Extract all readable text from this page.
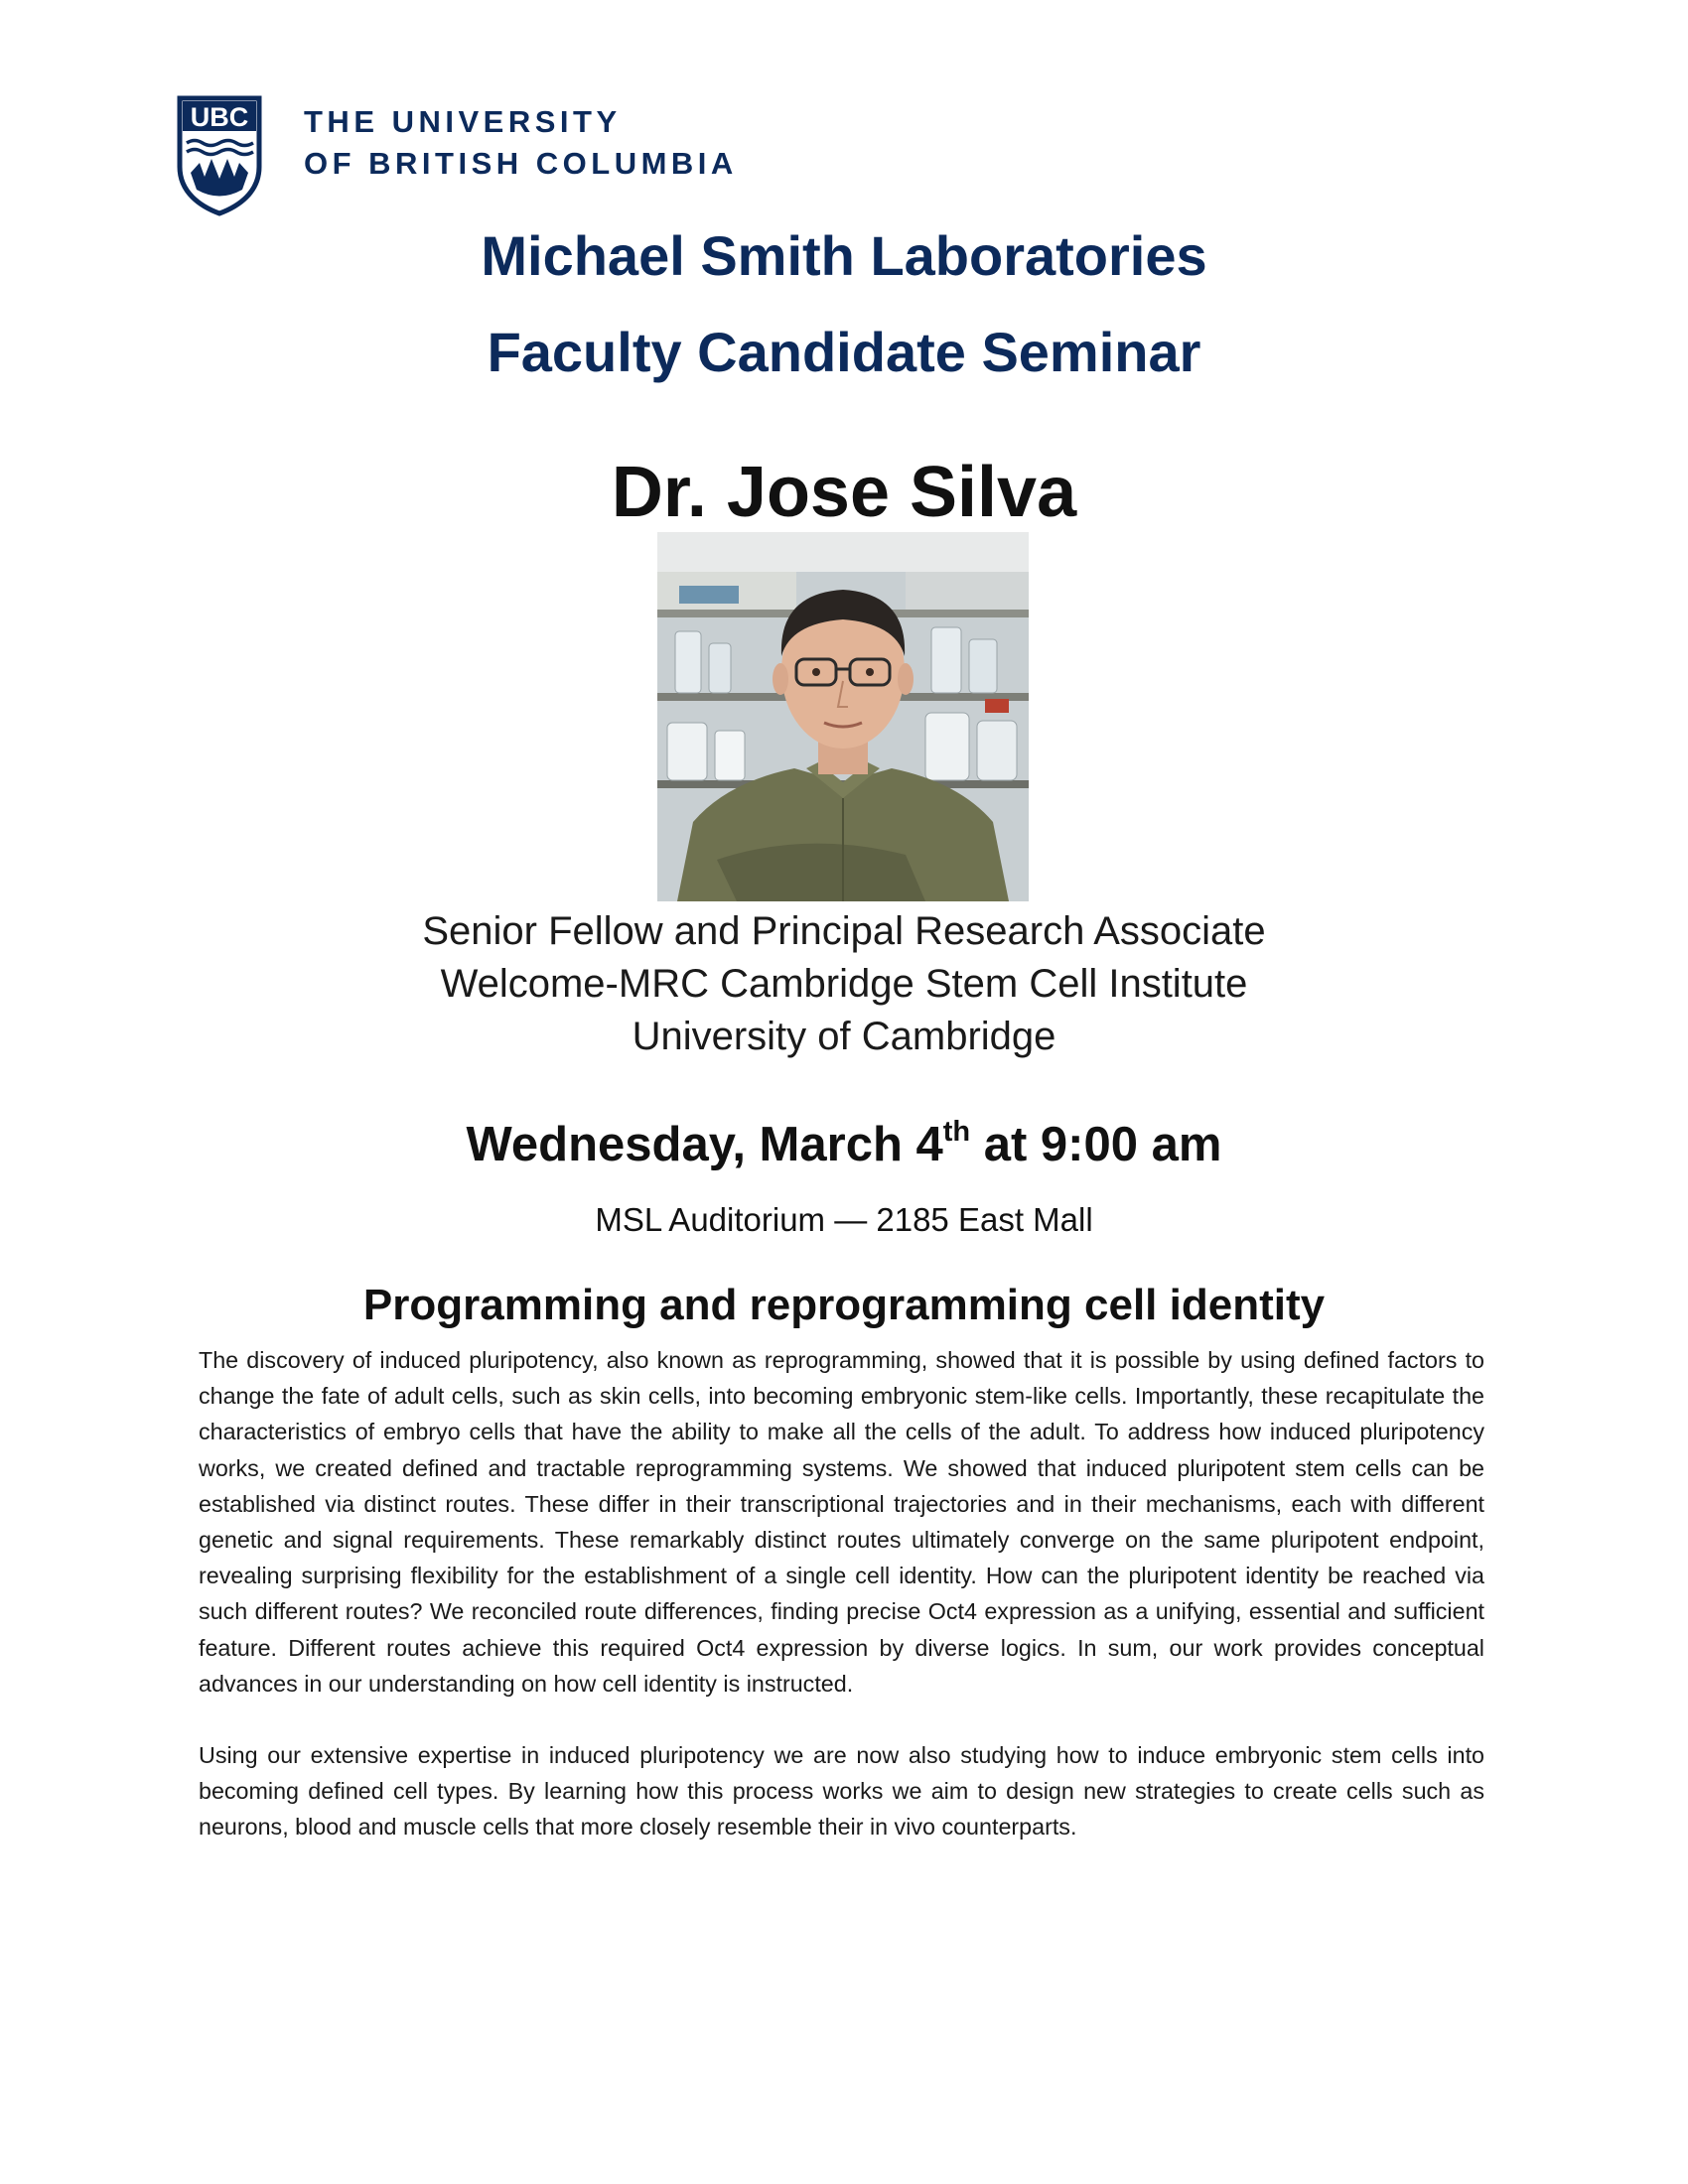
UBC THE UNIVERSITY
OF BRITISH COLUMBIA
Michael Smith Laboratories
Faculty Candidate Seminar
Dr. Jose Silva
Senior Fellow and Principal Research Associate
Welcome-MRC Cambridge Stem Cell Institute
University of Cambridge
Wednesday, March 4th at 9:00 am
MSL Auditorium — 2185 East Mall
Programming and reprogramming cell identity

The discovery of induced pluripotency, also known as reprogramming, showed that it is possible by using defined factors to change the fate of adult cells, such as skin cells, into becoming embryonic stem-like cells. Importantly, these recapitulate the characteristics of embryo cells that have the ability to make all the cells of the adult. To address how induced pluripotency works, we created defined and tractable reprogramming systems. We showed that induced pluripotent stem cells can be established via distinct routes. These differ in their transcriptional trajectories and in their mechanisms, each with different genetic and signal requirements. These remarkably distinct routes ultimately converge on the same pluripotent endpoint, revealing surprising flexibility for the establishment of a single cell identity. How can the pluripotent identity be reached via such different routes? We reconciled route differences, finding precise Oct4 expression as a unifying, essential and sufficient feature. Different routes achieve this required Oct4 expression by diverse logics. In sum, our work provides conceptual advances in our understanding on how cell identity is instructed.

Using our extensive expertise in induced pluripotency we are now also studying how to induce embryonic stem cells into becoming defined cell types. By learning how this process works we aim to design new strategies to create cells such as neurons, blood and muscle cells that more closely resemble their in vivo counterparts.
